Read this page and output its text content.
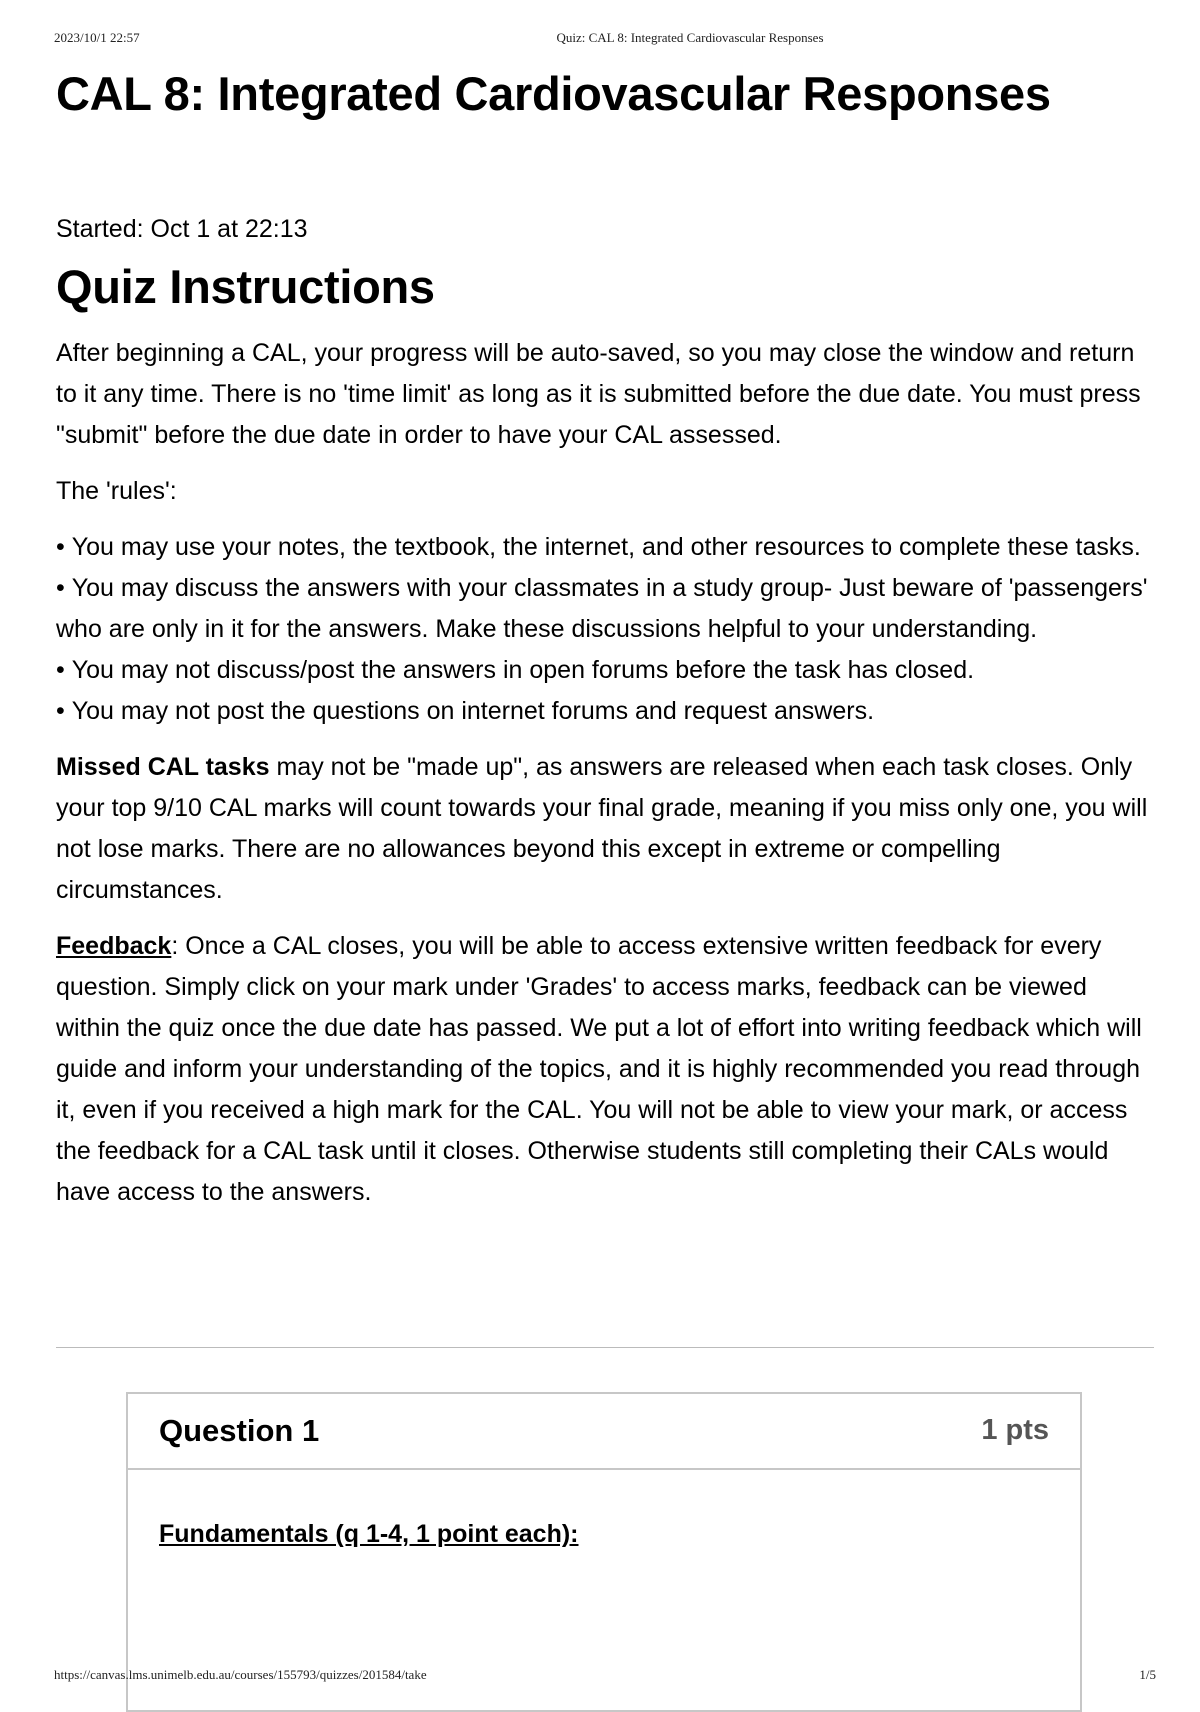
2023/10/1 22:57	Quiz: CAL 8: Integrated Cardiovascular Responses
CAL 8: Integrated Cardiovascular Responses
Started: Oct 1 at 22:13
Quiz Instructions

After beginning a CAL, your progress will be auto-saved, so you may close the window and return to it any time. There is no 'time limit' as long as it is submitted before the due date. You must press "submit" before the due date in order to have your CAL assessed.

The 'rules':

• You may use your notes, the textbook, the internet, and other resources to complete these tasks.
• You may discuss the answers with your classmates in a study group- Just beware of 'passengers' who are only in it for the answers. Make these discussions helpful to your understanding.
• You may not discuss/post the answers in open forums before the task has closed.
• You may not post the questions on internet forums and request answers.

Missed CAL tasks may not be "made up", as answers are released when each task closes. Only your top 9/10 CAL marks will count towards your final grade, meaning if you miss only one, you will not lose marks. There are no allowances beyond this except in extreme or compelling circumstances.

Feedback: Once a CAL closes, you will be able to access extensive written feedback for every question. Simply click on your mark under 'Grades' to access marks, feedback can be viewed within the quiz once the due date has passed. We put a lot of effort into writing feedback which will guide and inform your understanding of the topics, and it is highly recommended you read through it, even if you received a high mark for the CAL. You will not be able to view your mark, or access the feedback for a CAL task until it closes. Otherwise students still completing their CALs would have access to the answers.

Question 1	1 pts
Fundamentals (q 1-4, 1 point each):
https://canvas.lms.unimelb.edu.au/courses/155793/quizzes/201584/take	1/5
